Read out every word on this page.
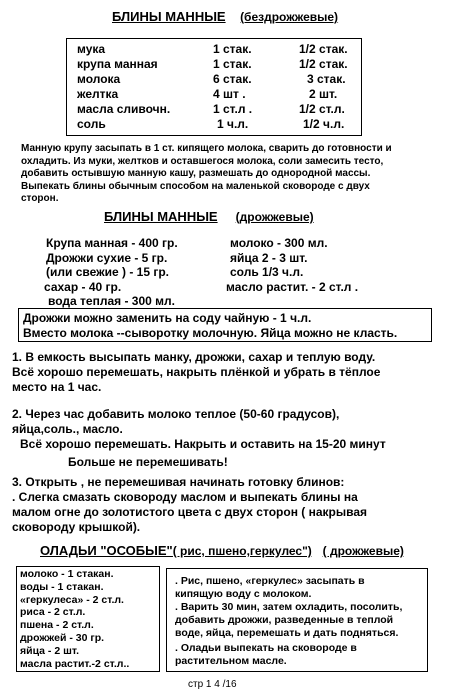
БЛИНЫ МАННЫЕ (бездрожжевые)
мука	1 стак.	1/2 стак.
крупа манная	1 стак.	1/2 стак.
молока	6 стак.	3 стак.
желтка	4 шт .	2 шт.
масла сливочн.	1 ст.л .	1/2 ст.л.
соль	1 ч.л.	1/2 ч.л.
Манную крупу засыпать в 1 ст. кипящего молока, сварить до готовности и
охладить. Из муки, желтков и оставшегося молока, соли замесить тесто,
добавить остывшую манную кашу, размешать до однородной массы.
Выпекать блины обычным способом на маленькой сковороде с двух
сторон.
БЛИНЫ МАННЫЕ (дрожжевые)
Крупа манная - 400 гр.
Дрожжи сухие - 5 гр.
(или свежие ) - 15 гр.
сахар - 40 гр.
вода теплая - 300 мл.
молоко - 300 мл.
яйца 2 - 3 шт.
соль 1/3 ч.л.
масло растит. - 2 ст.л .
Дрожжи можно заменить на соду чайную - 1 ч.л.
Вместо молока --сыворотку молочную. Яйца можно не класть.
1. В емкость высыпать манку, дрожжи, сахар и теплую воду.
Всё хорошо перемешать, накрыть плёнкой и убрать в тёплое
место на 1 час.
2. Через час добавить молоко теплое (50-60 градусов),
яйца,соль., масло.
Всё хорошо перемешать. Накрыть и оставить на 15-20 минут
Больше не перемешивать!
3. Открыть , не перемешивая начинать готовку блинов:
. Слегка смазать сковороду маслом и выпекать блины на
малом огне до золотистого цвета с двух сторон ( накрывая
сковороду крышкой).
ОЛАДЬИ "ОСОБЫЕ"( рис, пшено,геркулес") ( дрожжевые)
молоко - 1 стакан.
воды - 1 стакан.
«геркулеса» - 2 ст.л.
риса - 2 ст.л.
пшена - 2 ст.л.
дрожжей - 30 гр.
яйца - 2 шт.
масла растит.-2 ст.л..
. Рис, пшено, «геркулес» засыпать в
кипящую воду с молоком.
. Варить 30 мин, затем охладить, посолить,
добавить дрожжи, разведенные в теплой
воде, яйца, перемешать и дать подняться.
. Оладьи выпекать на сковороде в
растительном масле.
стр 1 4 /16
